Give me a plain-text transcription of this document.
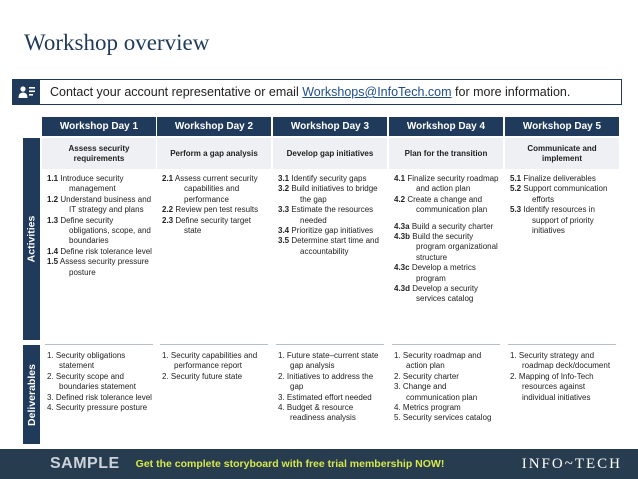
Workshop overview
Contact your account representative or email Workshops@InfoTech.com for more information.
Activities
Deliverables
Workshop Day 1
Assess security requirements
1.1 Introduce security management
1.2 Understand business and IT strategy and plans
1.3 Define security obligations, scope, and boundaries
1.4 Define risk tolerance level
1.5 Assess security pressure posture
1. Security obligations statement
2. Security scope and boundaries statement
3. Defined risk tolerance level
4. Security pressure posture
Workshop Day 2
Perform a gap analysis
2.1 Assess current security capabilities and performance
2.2 Review pen test results
2.3 Define security target state
1. Security capabilities and performance report
2. Security future state
Workshop Day 3
Develop gap initiatives
3.1 Identify security gaps
3.2 Build initiatives to bridge the gap
3.3 Estimate the resources needed
3.4 Prioritize gap initiatives
3.5 Determine start time and accountability
1. Future state–current state gap analysis
2. Initiatives to address the gap
3. Estimated effort needed
4. Budget & resource readiness analysis
Workshop Day 4
Plan for the transition
4.1 Finalize security roadmap and action plan
4.2 Create a change and communication plan
4.3a Build a security charter
4.3b Build the security program organizational structure
4.3c Develop a metrics program
4.3d Develop a security services catalog
1. Security roadmap and action plan
2. Security charter
3. Change and communication plan
4. Metrics program
5. Security services catalog
Workshop Day 5
Communicate and implement
5.1 Finalize deliverables
5.2 Support communication efforts
5.3 Identify resources in support of priority initiatives
1. Security strategy and roadmap deck/document
2. Mapping of Info-Tech resources against individual initiatives
SAMPLE Get the complete storyboard with free trial membership NOW!	INFO~TECH
